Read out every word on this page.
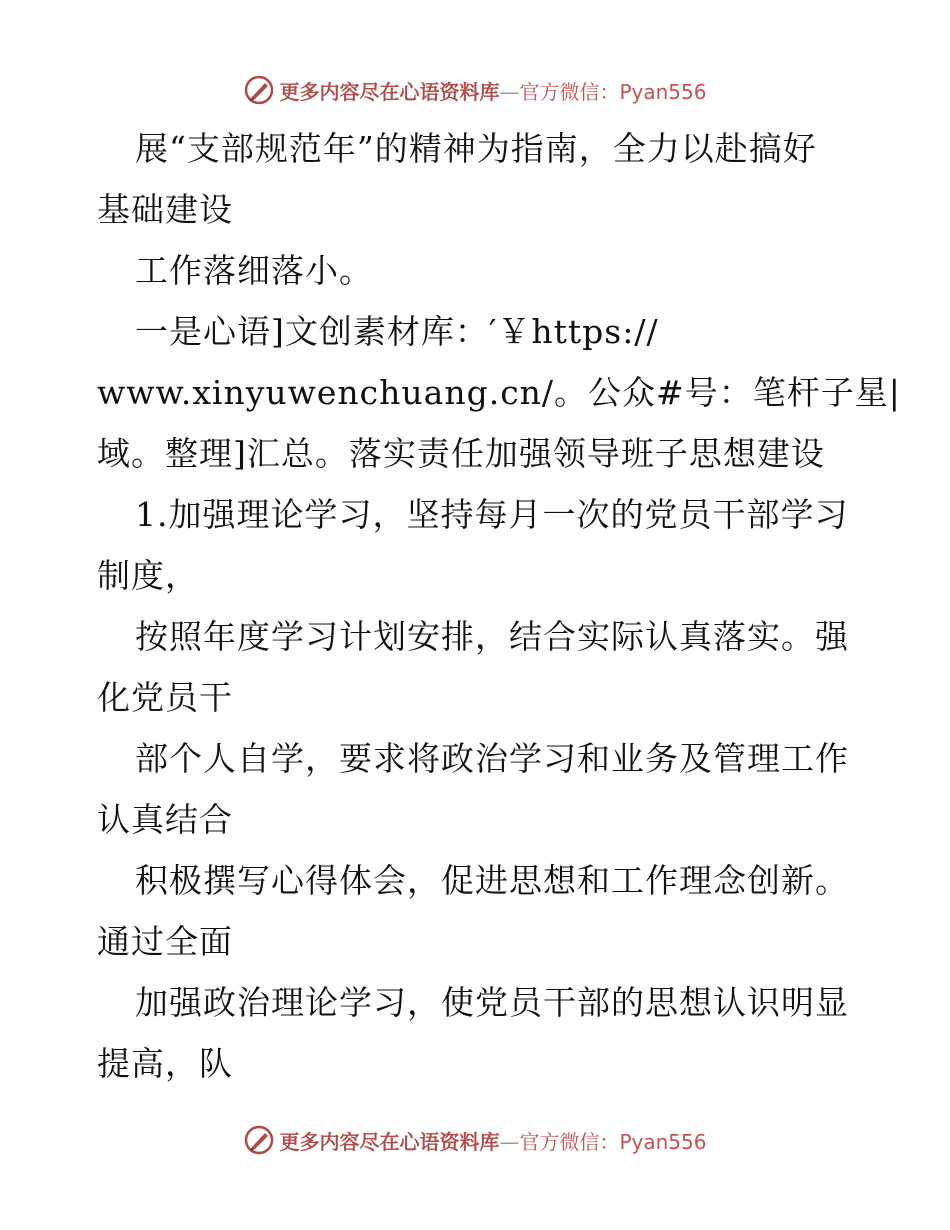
更多内容尽在心语资料库—官方微信：Pyan556
展“支部规范年”的精神为指南，全力以赴搞好
基础建设
工作落细落小。
一是心语]文创素材库：′￥https://
www.xinyuwenchuang.cn/。公众#号：笔杆子星|
域。整理]汇总。落实责任加强领导班子思想建设
1.加强理论学习，坚持每月一次的党员干部学习
制度，
按照年度学习计划安排，结合实际认真落实。强
化党员干
部个人自学，要求将政治学习和业务及管理工作
认真结合
积极撰写心得体会，促进思想和工作理念创新。
通过全面
加强政治理论学习，使党员干部的思想认识明显
提高，队
更多内容尽在心语资料库—官方微信：Pyan556
